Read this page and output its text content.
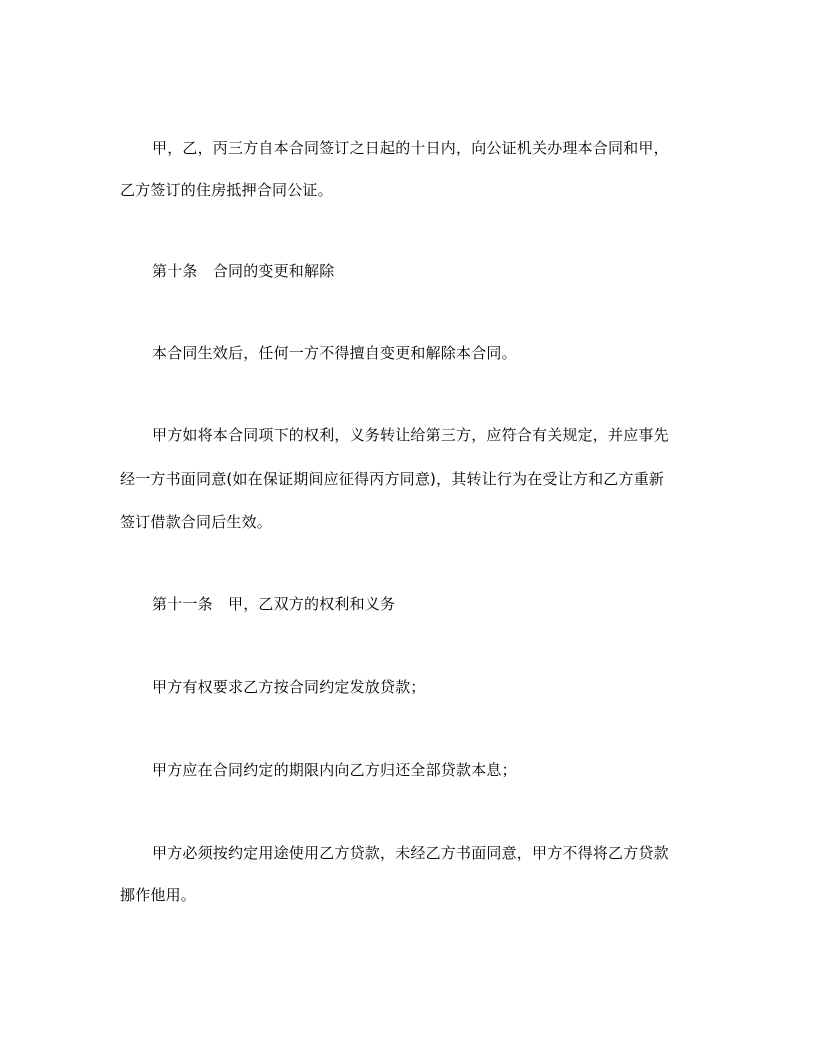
甲，乙，丙三方自本合同签订之日起的十日内，向公证机关办理本合同和甲，
乙方签订的住房抵押合同公证。
第十条　合同的变更和解除
本合同生效后，任何一方不得擅自变更和解除本合同。
甲方如将本合同项下的权利，义务转让给第三方，应符合有关规定，并应事先
经一方书面同意(如在保证期间应征得丙方同意)，其转让行为在受让方和乙方重新
签订借款合同后生效。
第十一条　甲，乙双方的权利和义务
甲方有权要求乙方按合同约定发放贷款；
甲方应在合同约定的期限内向乙方归还全部贷款本息；
甲方必须按约定用途使用乙方贷款，未经乙方书面同意，甲方不得将乙方贷款
挪作他用。
